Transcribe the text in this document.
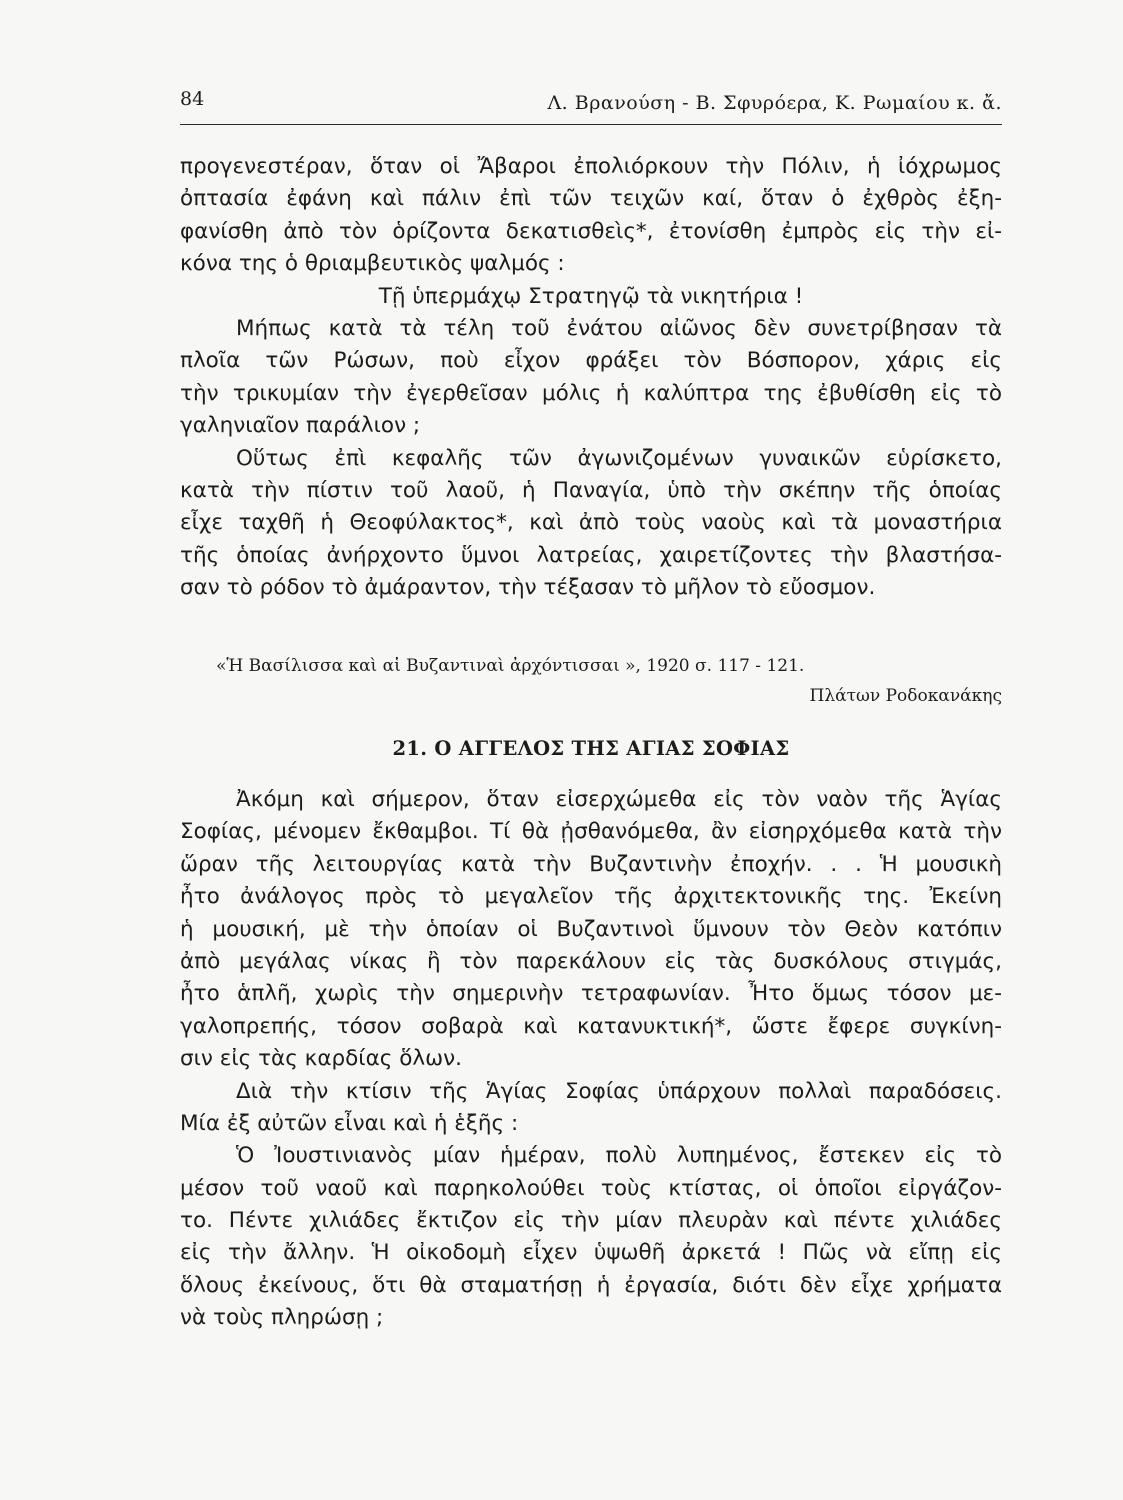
84	Λ. Βρανούση - Β. Σφυρόερα, Κ. Ρωμαίου κ. ἄ.
προγενεστέραν, ὅταν οἱ Ἄβαροι ἐπολιόρκουν τὴν Πόλιν, ἡ ἰόχρωμος
ὀπτασία ἐφάνη καὶ πάλιν ἐπὶ τῶν τειχῶν καί, ὅταν ὁ ἐχθρὸς ἐξη-
φανίσθη ἀπὸ τὸν ὁρίζοντα δεκατισθεὶς*, ἐτονίσθη ἐμπρὸς εἰς τὴν εἰ-
κόνα της ὁ θριαμβευτικὸς ψαλμός :
Τῇ ὑπερμάχῳ Στρατηγῷ τὰ νικητήρια !
Μήπως κατὰ τὰ τέλη τοῦ ἐνάτου αἰῶνος δὲν συνετρίβησαν τὰ
πλοῖα τῶν Ρώσων, ποὺ εἶχον φράξει τὸν Βόσπορον, χάρις εἰς
τὴν τρικυμίαν τὴν ἐγερθεῖσαν μόλις ἡ καλύπτρα της ἐβυθίσθη εἰς τὸ
γαληνιαῖον παράλιον ;
Οὕτως ἐπὶ κεφαλῆς τῶν ἀγωνιζομένων γυναικῶν εὑρίσκετο,
κατὰ τὴν πίστιν τοῦ λαοῦ, ἡ Παναγία, ὑπὸ τὴν σκέπην τῆς ὁποίας
εἶχε ταχθῆ ἡ Θεοφύλακτος*, καὶ ἀπὸ τοὺς ναοὺς καὶ τὰ μοναστήρια
τῆς ὁποίας ἀνήρχοντο ὕμνοι λατρείας, χαιρετίζοντες τὴν βλαστήσα-
σαν τὸ ρόδον τὸ ἀμάραντον, τὴν τέξασαν τὸ μῆλον τὸ εὔοσμον.
«Ἡ Βασίλισσα καὶ αἱ Βυζαντιναὶ ἀρχόντισσαι », 1920 σ. 117 - 121.
Πλάτων Ροδοκανάκης
21. Ο ΑΓΓΕΛΟΣ ΤΗΣ ΑΓΙΑΣ ΣΟΦΙΑΣ
Ἀκόμη καὶ σήμερον, ὅταν εἰσερχώμεθα εἰς τὸν ναὸν τῆς Ἁγίας
Σοφίας, μένομεν ἔκθαμβοι. Τί θὰ ᾐσθανόμεθα, ἂν εἰσηρχόμεθα κατὰ τὴν
ὥραν τῆς λειτουργίας κατὰ τὴν Βυζαντινὴν ἐποχήν. . . Ἡ μουσικὴ
ἦτο ἀνάλογος πρὸς τὸ μεγαλεῖον τῆς ἀρχιτεκτονικῆς της. Ἐκείνη
ἡ μουσική, μὲ τὴν ὁποίαν οἱ Βυζαντινοὶ ὕμνουν τὸν Θεὸν κατόπιν
ἀπὸ μεγάλας νίκας ἢ τὸν παρεκάλουν εἰς τὰς δυσκόλους στιγμάς,
ἦτο ἁπλῆ, χωρὶς τὴν σημερινὴν τετραφωνίαν. Ἦτο ὅμως τόσον με-
γαλοπρεπής, τόσον σοβαρὰ καὶ κατανυκτική*, ὥστε ἔφερε συγκίνη-
σιν εἰς τὰς καρδίας ὅλων.
Διὰ τὴν κτίσιν τῆς Ἁγίας Σοφίας ὑπάρχουν πολλαὶ παραδόσεις.
Μία ἐξ αὐτῶν εἶναι καὶ ἡ ἑξῆς :
Ὁ Ἰουστινιανὸς μίαν ἡμέραν, πολὺ λυπημένος, ἔστεκεν εἰς τὸ
μέσον τοῦ ναοῦ καὶ παρηκολούθει τοὺς κτίστας, οἱ ὁποῖοι εἰργάζον-
το. Πέντε χιλιάδες ἔκτιζον εἰς τὴν μίαν πλευρὰν καὶ πέντε χιλιάδες
εἰς τὴν ἄλλην. Ἡ οἰκοδομὴ εἶχεν ὑψωθῆ ἀρκετά ! Πῶς νὰ εἴπῃ εἰς
ὅλους ἐκείνους, ὅτι θὰ σταματήσῃ ἡ ἐργασία, διότι δὲν εἶχε χρήματα
νὰ τοὺς πληρώσῃ ;
